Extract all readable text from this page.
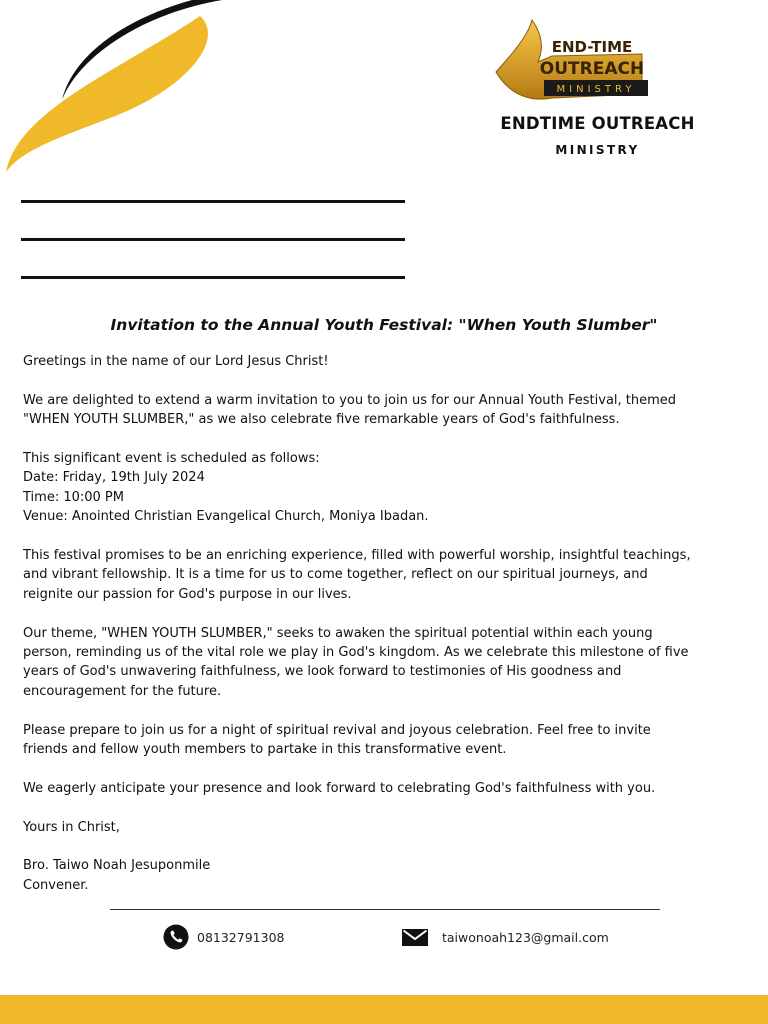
END-TIME
OUTREACH
MINISTRY
ENDTIME OUTREACH
MINISTRY
Invitation to the Annual Youth Festival: "When Youth Slumber"

Greetings in the name of our Lord Jesus Christ!

We are delighted to extend a warm invitation to you to join us for our Annual Youth Festival, themed
"WHEN YOUTH SLUMBER," as we also celebrate five remarkable years of God's faithfulness.

This significant event is scheduled as follows:
Date: Friday, 19th July 2024
Time: 10:00 PM
Venue: Anointed Christian Evangelical Church, Moniya Ibadan.

This festival promises to be an enriching experience, filled with powerful worship, insightful teachings,
and vibrant fellowship. It is a time for us to come together, reflect on our spiritual journeys, and
reignite our passion for God's purpose in our lives.

Our theme, "WHEN YOUTH SLUMBER," seeks to awaken the spiritual potential within each young
person, reminding us of the vital role we play in God's kingdom. As we celebrate this milestone of five
years of God's unwavering faithfulness, we look forward to testimonies of His goodness and
encouragement for the future.

Please prepare to join us for a night of spiritual revival and joyous celebration. Feel free to invite
friends and fellow youth members to partake in this transformative event.

We eagerly anticipate your presence and look forward to celebrating God's faithfulness with you.

Yours in Christ,

Bro. Taiwo Noah Jesuponmile
Convener.

08132791308	taiwonoah123@gmail.com
